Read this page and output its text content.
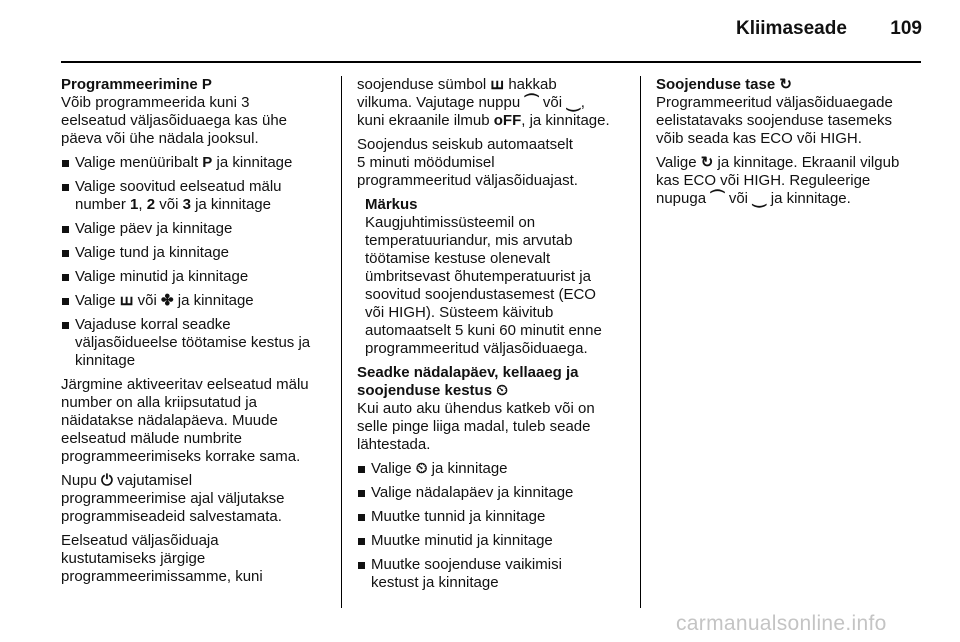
Kliimaseade	109
Programmeerimine P

Võib programmeerida kuni 3
eelseatud väljasõiduaega kas ühe
päeva või ühe nädala jooksul.

Valige menüüribalt P ja kinnitage
Valige soovitud eelseatud mälu
number 1, 2 või 3 ja kinnitage
Valige päev ja kinnitage
Valige tund ja kinnitage
Valige minutid ja kinnitage
Valige ꟺ või ✤ ja kinnitage
Vajaduse korral seadke
väljasõidueelse töötamise kestus ja
kinnitage

Järgmine aktiveeritav eelseatud mälu
number on alla kriipsutatud ja
näidatakse nädalapäeva. Muude
eelseatud mälude numbrite
programmeerimiseks korrake sama.

Nupu ⏻ vajutamisel
programmeerimise ajal väljutakse
programmiseadeid salvestamata.

Eelseatud väljasõiduaja
kustutamiseks järgige
programmeerimissamme, kuni

soojenduse sümbol ꟺ hakkab
vilkuma. Vajutage nuppu ⏜ või ⏝,
kuni ekraanile ilmub oFF, ja kinnitage.

Soojendus seiskub automaatselt
5 minuti möödumisel
programmeeritud väljasõiduajast.

Märkus
Kaugjuhtimissüsteemil on
temperatuuriandur, mis arvutab
töötamise kestuse olenevalt
ümbritsevast õhutemperatuurist ja
soovitud soojendustasemest (ECO
või HIGH). Süsteem käivitub
automaatselt 5 kuni 60 minutit enne
programmeeritud väljasõiduaega.
Seadke nädalapäev, kellaaeg ja
soojenduse kestus ⏲

Kui auto aku ühendus katkeb või on
selle pinge liiga madal, tuleb seade
lähtestada.

Valige ⏲ ja kinnitage
Valige nädalapäev ja kinnitage
Muutke tunnid ja kinnitage
Muutke minutid ja kinnitage
Muutke soojenduse vaikimisi
kestust ja kinnitage
Soojenduse tase ↻

Programmeeritud väljasõiduaegade
eelistatavaks soojenduse tasemeks
võib seada kas ECO või HIGH.

Valige ↻ ja kinnitage. Ekraanil vilgub
kas ECO või HIGH. Reguleerige
nupuga ⏜ või ⏝ ja kinnitage.

carmanualsonline.info
